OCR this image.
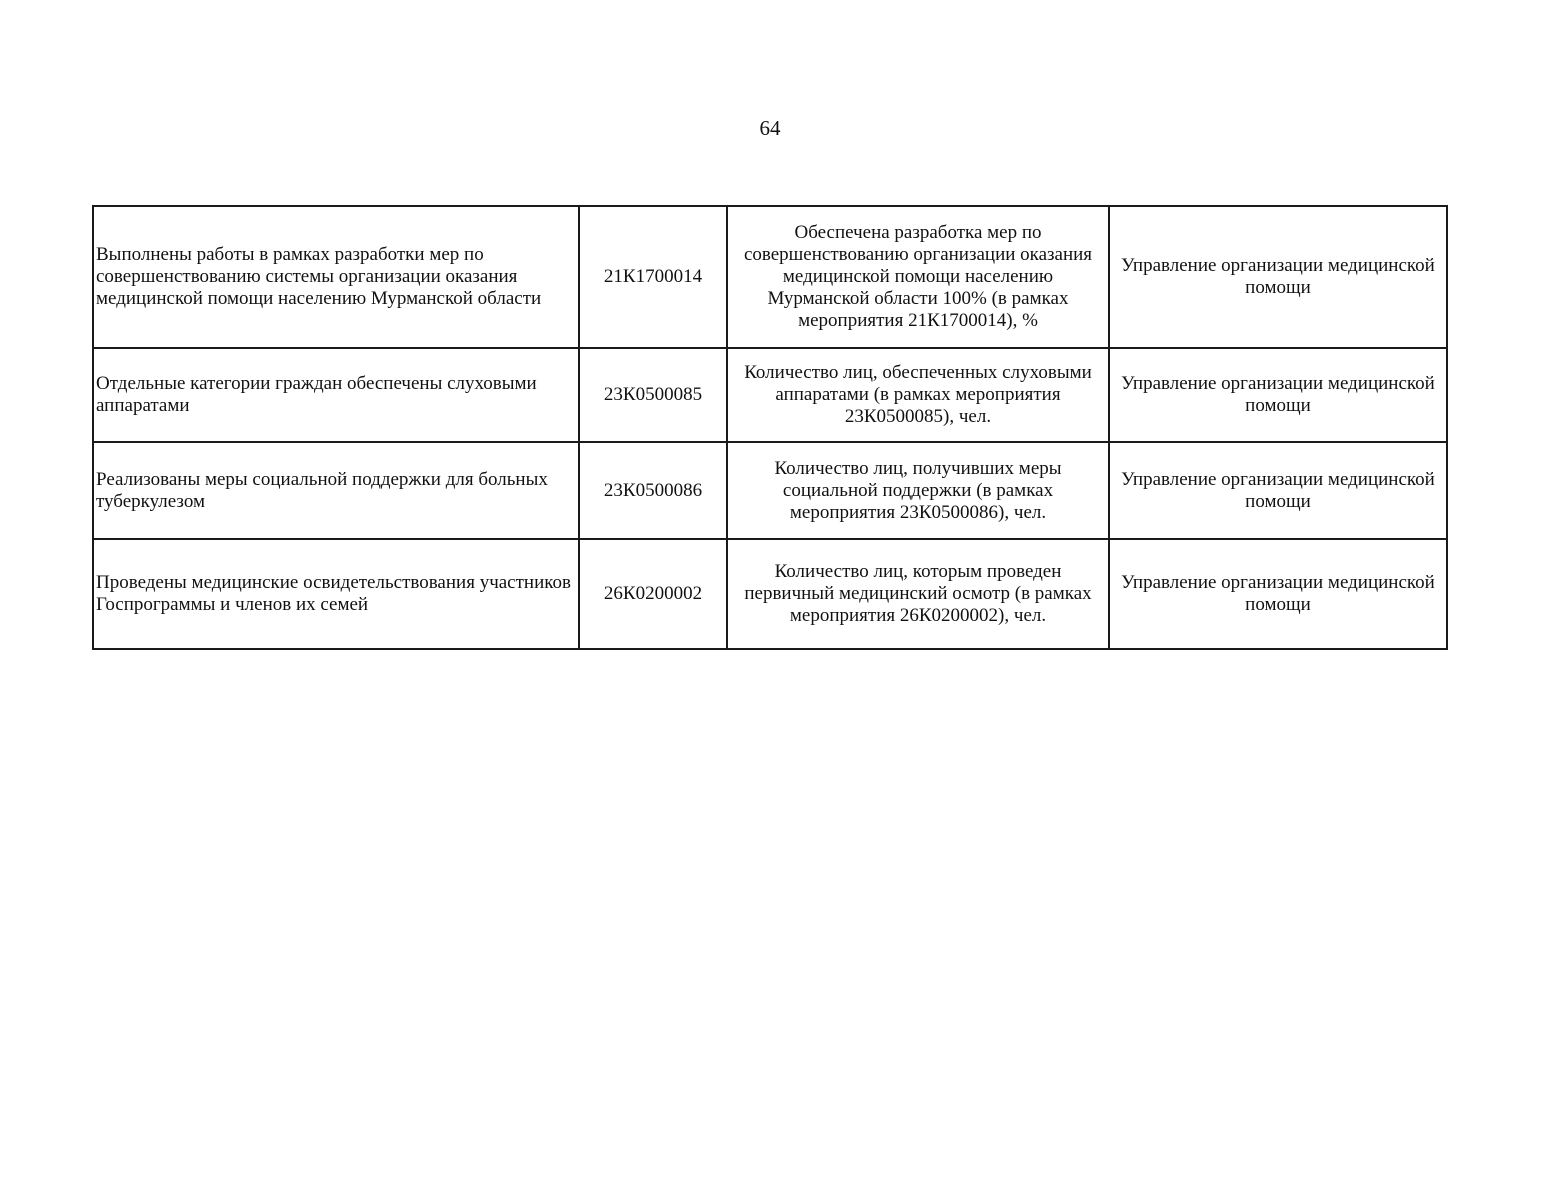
64
Выполнены работы в рамках разработки мер по совершенствованию системы организации оказания медицинской помощи населению Мурманской области	21К1700014	Обеспечена разработка мер по совершенствованию организации оказания медицинской помощи населению Мурманской области 100% (в рамках мероприятия 21К1700014), %	Управление организации медицинской помощи
Отдельные категории граждан обеспечены слуховыми аппаратами	23К0500085	Количество лиц, обеспеченных слуховыми аппаратами (в рамках мероприятия 23К0500085), чел.	Управление организации медицинской помощи
Реализованы меры социальной поддержки для больных туберкулезом	23К0500086	Количество лиц, получивших меры социальной поддержки (в рамках мероприятия 23К0500086), чел.	Управление организации медицинской помощи
Проведены медицинские освидетельствования участников Госпрограммы и членов их семей	26К0200002	Количество лиц, которым проведен первичный медицинский осмотр (в рамках мероприятия 26К0200002), чел.	Управление организации медицинской помощи
